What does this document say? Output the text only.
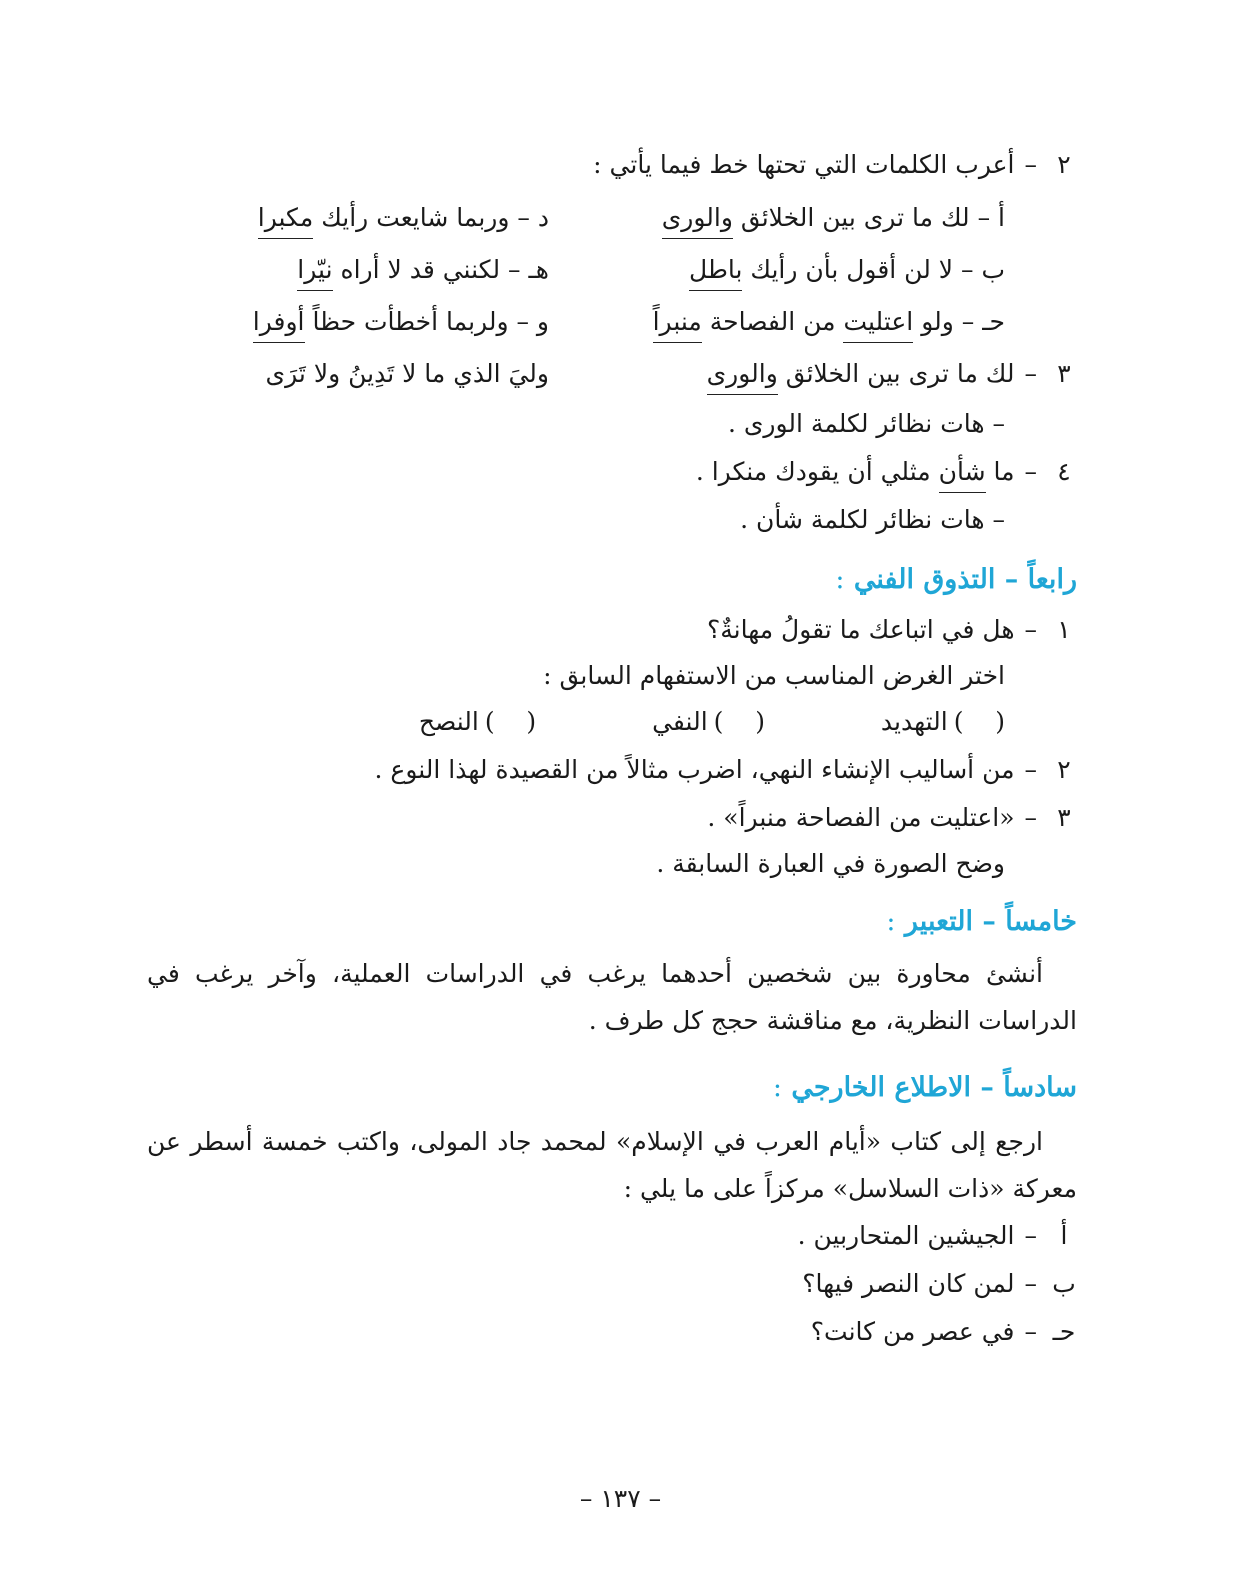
٢–أعرب الكلمات التي تحتها خط فيما يأتي :
أ – لك ما ترى بين الخلائق والورى
ب – لا لن أقول بأن رأيك باطل
حـ – ولو اعتليت من الفصاحة منبراً
د – وربما شايعت رأيك مكبرا
هـ – لكنني قد لا أراه نيّرا
و – ولربما أخطأت حظاً أوفرا
٣–لك ما ترى بين الخلائق والورى
وليَ الذي ما لا تَدِينُ ولا تَرَى
– هات نظائر لكلمة الورى .
٤–ما شأن مثلي أن يقودك منكرا .
– هات نظائر لكلمة شأن .
رابعاً – التذوق الفني :
١–هل في اتباعك ما تقولُ مهانةٌ؟
اختر الغرض المناسب من الاستفهام السابق :
(    )التهديد  (    )النفي  (    )النصح
٢–من أساليب الإنشاء النهي، اضرب مثالاً من القصيدة لهذا النوع .
٣–«اعتليت من الفصاحة منبراً» .
وضح الصورة في العبارة السابقة .
خامساً – التعبير :
أنشئ محاورة بين شخصين أحدهما يرغب في الدراسات العملية، وآخر يرغب في
الدراسات النظرية، مع مناقشة حجج كل طرف .
سادساً – الاطلاع الخارجي :
ارجع إلى كتاب «أيام العرب في الإسلام» لمحمد جاد المولى، واكتب خمسة أسطر عن
معركة «ذات السلاسل» مركزاً على ما يلي :
أ–الجيشين المتحاربين .
ب–لمن كان النصر فيها؟
حـ–في عصر من كانت؟
– ١٣٧ –
